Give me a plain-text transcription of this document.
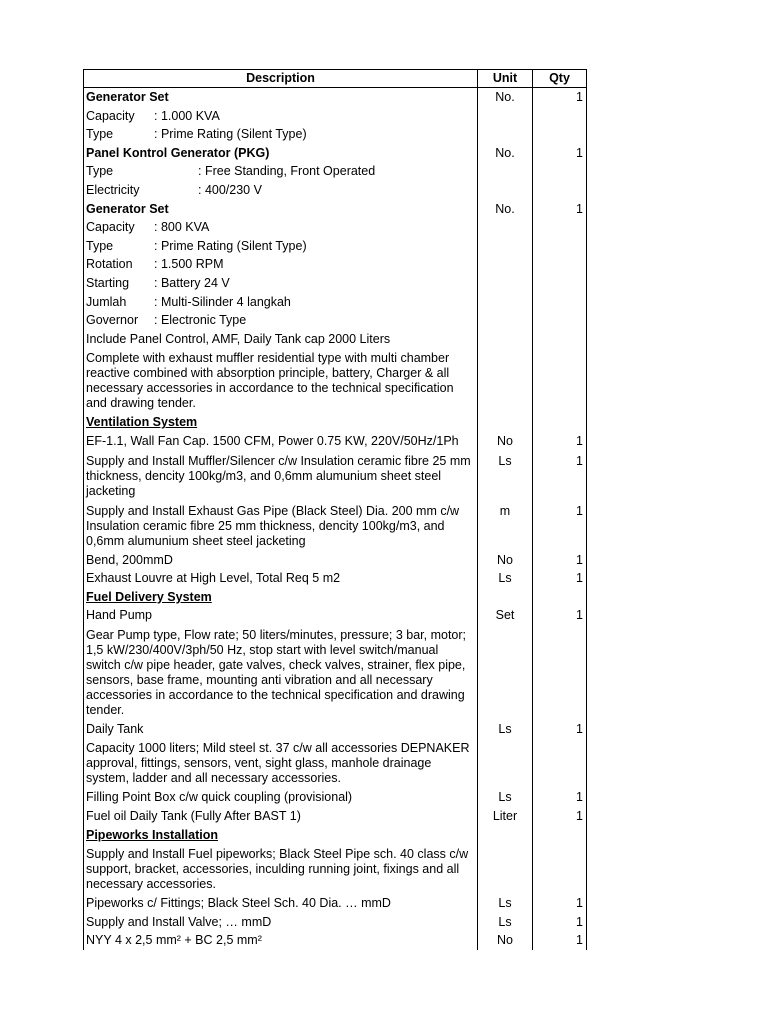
Description	Unit	Qty
Generator Set	No.	1
Capacity : 1.000 KVA		
Type : Prime Rating (Silent Type)		
Panel Kontrol Generator (PKG)	No.	1
Type : Free Standing, Front Operated		
Electricity : 400/230 V		
Generator Set	No.	1
Capacity : 800 KVA		
Type : Prime Rating (Silent Type)		
Rotation : 1.500 RPM		
Starting : Battery 24 V		
Jumlah : Multi-Silinder 4 langkah		
Governor : Electronic Type		
Include Panel Control, AMF, Daily Tank cap 2000 Liters		
Complete with exhaust muffler residential type with multi chamber reactive combined with absorption principle, battery, Charger & all necessary accessories in accordance to the technical specification and drawing tender.		
Ventilation System		
EF-1.1, Wall Fan Cap. 1500 CFM, Power 0.75 KW, 220V/50Hz/1Ph	No	1
Supply and Install Muffler/Silencer c/w Insulation ceramic fibre 25 mm thickness, dencity 100kg/m3, and 0,6mm alumunium sheet steel jacketing	Ls	1
Supply and Install Exhaust Gas Pipe (Black Steel) Dia. 200 mm c/w Insulation ceramic fibre 25 mm thickness, dencity 100kg/m3, and 0,6mm alumunium sheet steel jacketing	m	1
Bend, 200mmD	No	1
Exhaust Louvre at High Level, Total Req 5 m2	Ls	1
Fuel Delivery System		
Hand Pump	Set	1
Gear Pump type, Flow rate; 50 liters/minutes, pressure; 3 bar, motor; 1,5 kW/230/400V/3ph/50 Hz, stop start with level switch/manual switch c/w pipe header, gate valves, check valves, strainer, flex pipe, sensors, base frame, mounting anti vibration and all necessary accessories in accordance to the technical specification and drawing tender.		
Daily Tank	Ls	1
Capacity 1000 liters; Mild steel st. 37 c/w all accessories DEPNAKER approval, fittings, sensors, vent, sight glass, manhole drainage system, ladder and all necessary accessories.		
Filling Point Box c/w quick coupling (provisional)	Ls	1
Fuel oil Daily Tank (Fully After BAST 1)	Liter	1
Pipeworks Installation		
Supply and Install Fuel pipeworks; Black Steel Pipe sch. 40 class c/w support, bracket, accessories, inculding running joint, fixings and all necessary accessories.		
Pipeworks c/ Fittings; Black Steel Sch. 40 Dia. … mmD	Ls	1
Supply and Install Valve; … mmD	Ls	1
NYY 4 x 2,5 mm² + BC 2,5 mm²	No	1
